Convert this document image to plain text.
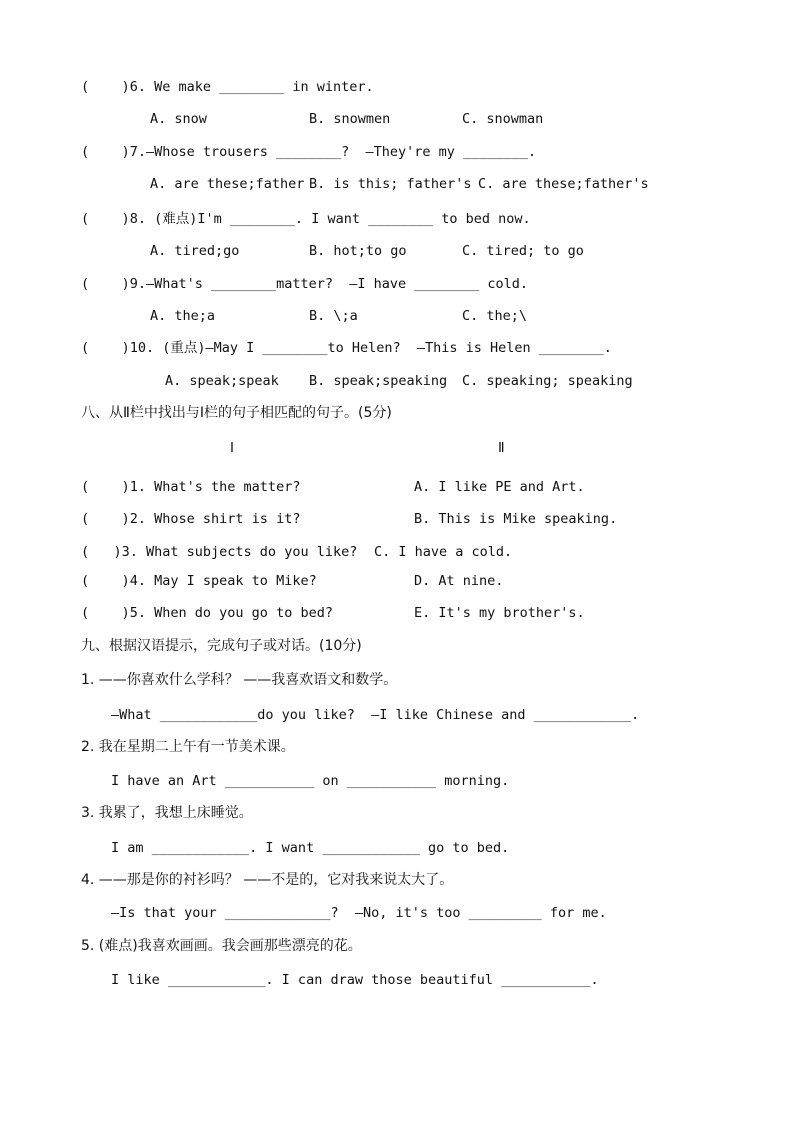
(    )6. We make ________ in winter.
A. snow	B. snowmen	C. snowman
(    )7.—Whose trousers ________?  —They're my ________.
A. are these;father B. is this; father's C. are these;father's
(    )8. (难点)I'm ________. I want ________ to bed now.
A. tired;go	B. hot;to go	C. tired; to go
(    )9.—What's ________matter?  —I have ________ cold.
A. the;a	B. \;a	C. the;\
(    )10. (重点)—May I ________to Helen?  —This is Helen ________.
A. speak;speak B. speak;speaking C. speaking; speaking
八、从Ⅱ栏中找出与Ⅰ栏的句子相匹配的句子。(5分)
Ⅰ	Ⅱ
(    )1. What's the matter?	A. I like PE and Art.
(    )2. Whose shirt is it?	B. This is Mike speaking.
(   )3. What subjects do you like? C. I have a cold.
(    )4. May I speak to Mike?	D. At nine.
(    )5. When do you go to bed?	E. It's my brother's.
九、根据汉语提示，完成句子或对话。(10分)
1. ——你喜欢什么学科？ ——我喜欢语文和数学。
—What ____________do you like?  —I like Chinese and ____________.
2. 我在星期二上午有一节美术课。
I have an Art ___________ on ___________ morning.
3. 我累了，我想上床睡觉。
I am ____________. I want ____________ go to bed.
4. ——那是你的衬衫吗？ ——不是的，它对我来说太大了。
—Is that your _____________?  —No, it's too _________ for me.
5. (难点)我喜欢画画。我会画那些漂亮的花。
I like ____________. I can draw those beautiful ___________.
